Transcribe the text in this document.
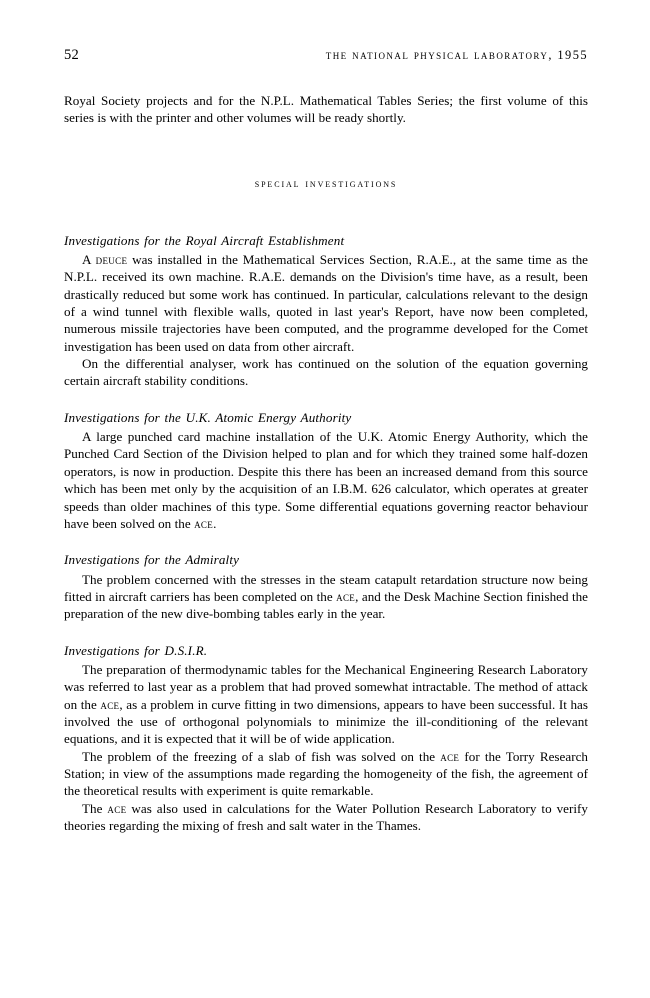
52	the national physical laboratory, 1955

Royal Society projects and for the N.P.L. Mathematical Tables Series; the first volume of this series is with the printer and other volumes will be ready shortly.

special investigations
Investigations for the Royal Aircraft Establishment

A deuce was installed in the Mathematical Services Section, R.A.E., at the same time as the N.P.L. received its own machine. R.A.E. demands on the Division's time have, as a result, been drastically reduced but some work has continued. In particular, calculations relevant to the design of a wind tunnel with flexible walls, quoted in last year's Report, have now been completed, numerous missile trajectories have been computed, and the programme developed for the Comet investigation has been used on data from other aircraft.

On the differential analyser, work has continued on the solution of the equation governing certain aircraft stability conditions.

Investigations for the U.K. Atomic Energy Authority

A large punched card machine installation of the U.K. Atomic Energy Authority, which the Punched Card Section of the Division helped to plan and for which they trained some half-dozen operators, is now in production. Despite this there has been an increased demand from this source which has been met only by the acquisition of an I.B.M. 626 calculator, which operates at greater speeds than older machines of this type. Some differential equations governing reactor behaviour have been solved on the ace.

Investigations for the Admiralty

The problem concerned with the stresses in the steam catapult retardation structure now being fitted in aircraft carriers has been completed on the ace, and the Desk Machine Section finished the preparation of the new dive-bombing tables early in the year.

Investigations for D.S.I.R.

The preparation of thermodynamic tables for the Mechanical Engineering Research Laboratory was referred to last year as a problem that had proved somewhat intractable. The method of attack on the ace, as a problem in curve fitting in two dimensions, appears to have been successful. It has involved the use of orthogonal polynomials to minimize the ill-conditioning of the relevant equations, and it is expected that it will be of wide application.

The problem of the freezing of a slab of fish was solved on the ace for the Torry Research Station; in view of the assumptions made regarding the homogeneity of the fish, the agreement of the theoretical results with experiment is quite remarkable.

The ace was also used in calculations for the Water Pollution Research Laboratory to verify theories regarding the mixing of fresh and salt water in the Thames.
